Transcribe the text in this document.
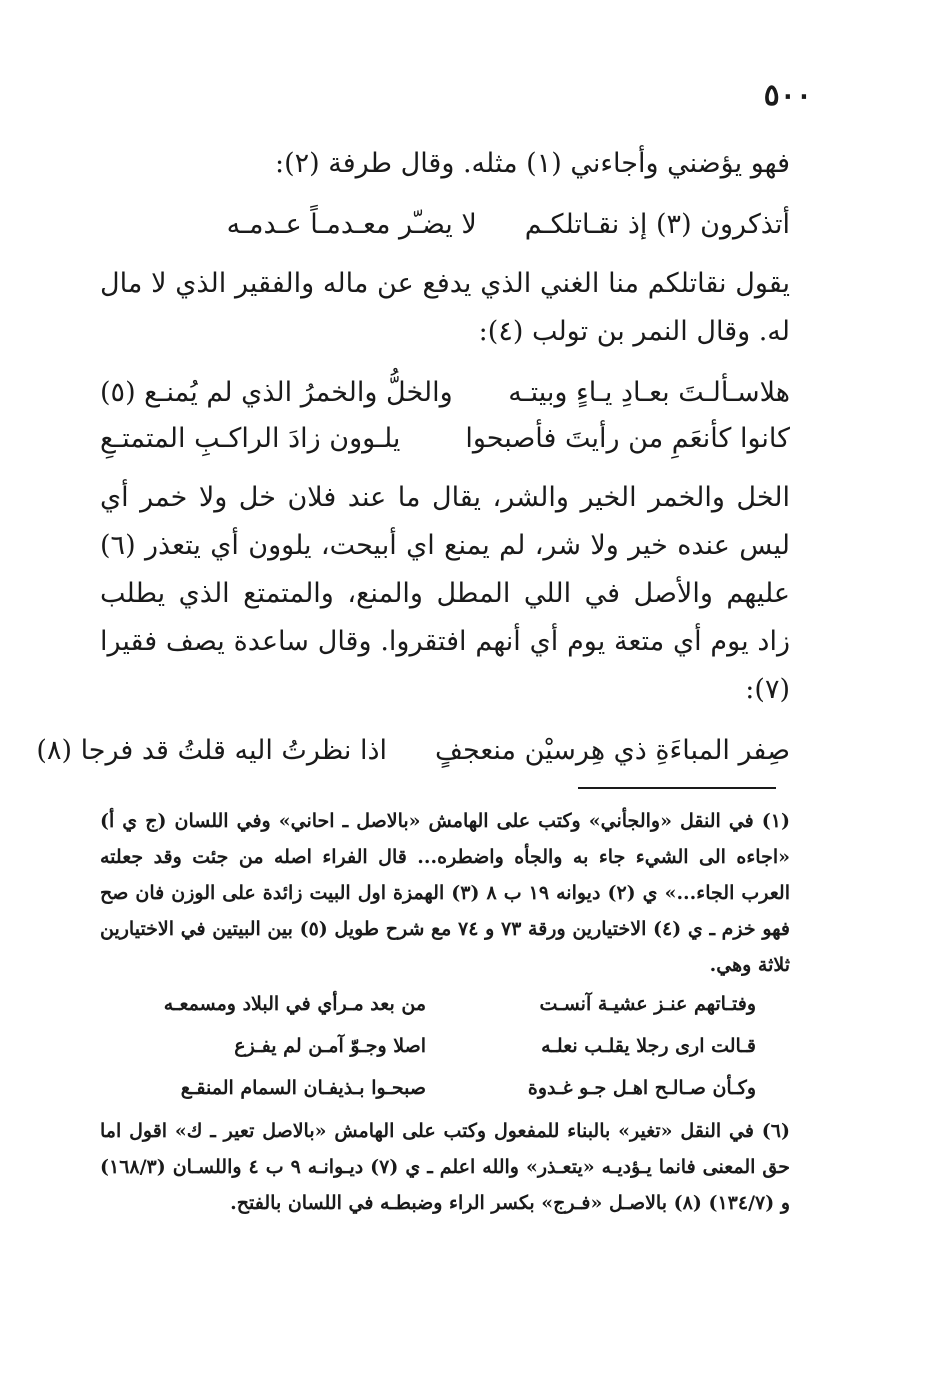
٥٠٠

فهو يؤضني وأجاءني (١) مثله. وقال طرفة (٢):

أتذكرون (٣) إذ نقـاتلكـم
لا يضـّر معـدمـاً عـدمـه

يقول نقاتلكم منا الغني الذي يدفع عن ماله والفقير الذي لا مال له. وقال النمر بن تولب (٤):

هلاسـألـتَ بعـادِ يـاءٍ وبيتـه
والخلُّ والخمرُ الذي لم يُمنـع (٥)
كانوا كأنعَمِ من رأيتَ فأصبحوا
يلـوون زادَ الراكـبِ المتمتـعِ

الخل والخمر الخير والشر، يقال ما عند فلان خل ولا خمر أي ليس عنده خير ولا شر، لم يمنع اي أبيحت، يلوون أي يتعذر (٦) عليهم والأصل في اللي المطل والمنع، والمتمتع الذي يطلب زاد يوم أي متعة يوم أي أنهم افتقروا. وقال ساعدة يصف فقيرا (٧):

صِفر المباءَةِ ذي هِرسيْن منعجفٍ
اذا نظرتُ اليه قلتُ قد فرجا (٨)

(١) في النقل «والجأني» وكتب على الهامش «بالاصل ـ احاني» وفي اللسان (ج ي أ) «اجاءه الى الشيء جاء به والجأه واضطره... قال الفراء اصله من جئت وقد جعلته العرب الجاء...» ي (٢) ديوانه ١٩ ب ٨ (٣) الهمزة اول البيت زائدة على الوزن فان صح فهو خزم ـ ي (٤) الاختيارين ورقة ٧٣ و ٧٤ مع شرح طويل (٥) بين البيتين في الاختيارين ثلاثة وهي.

وفتـاتهم عنـز عشيـة آنسـت
من بعد مـرأي في البلاد ومسمعـه
قـالت ارى رجلا يقلـب نعلـه
اصلا وجـوّ آمـن لم يفـزع
وكـأن صـالـح اهـل جـو غـدوة
صبحـوا بـذيفـان السمام المنقـع

(٦) في النقل «تغير» بالبناء للمفعول وكتب على الهامش «بالاصل تعير ـ ك» اقول اما حق المعنى فانما يـؤديـه «يتعـذر» والله اعلم ـ ي (٧) ديـوانـه ٩ ب ٤ واللسـان (١٦٨/٣) و (١٣٤/٧) (٨) بالاصـل «فـرج» بكسر الراء وضبطـه في اللسان بالفتح.
